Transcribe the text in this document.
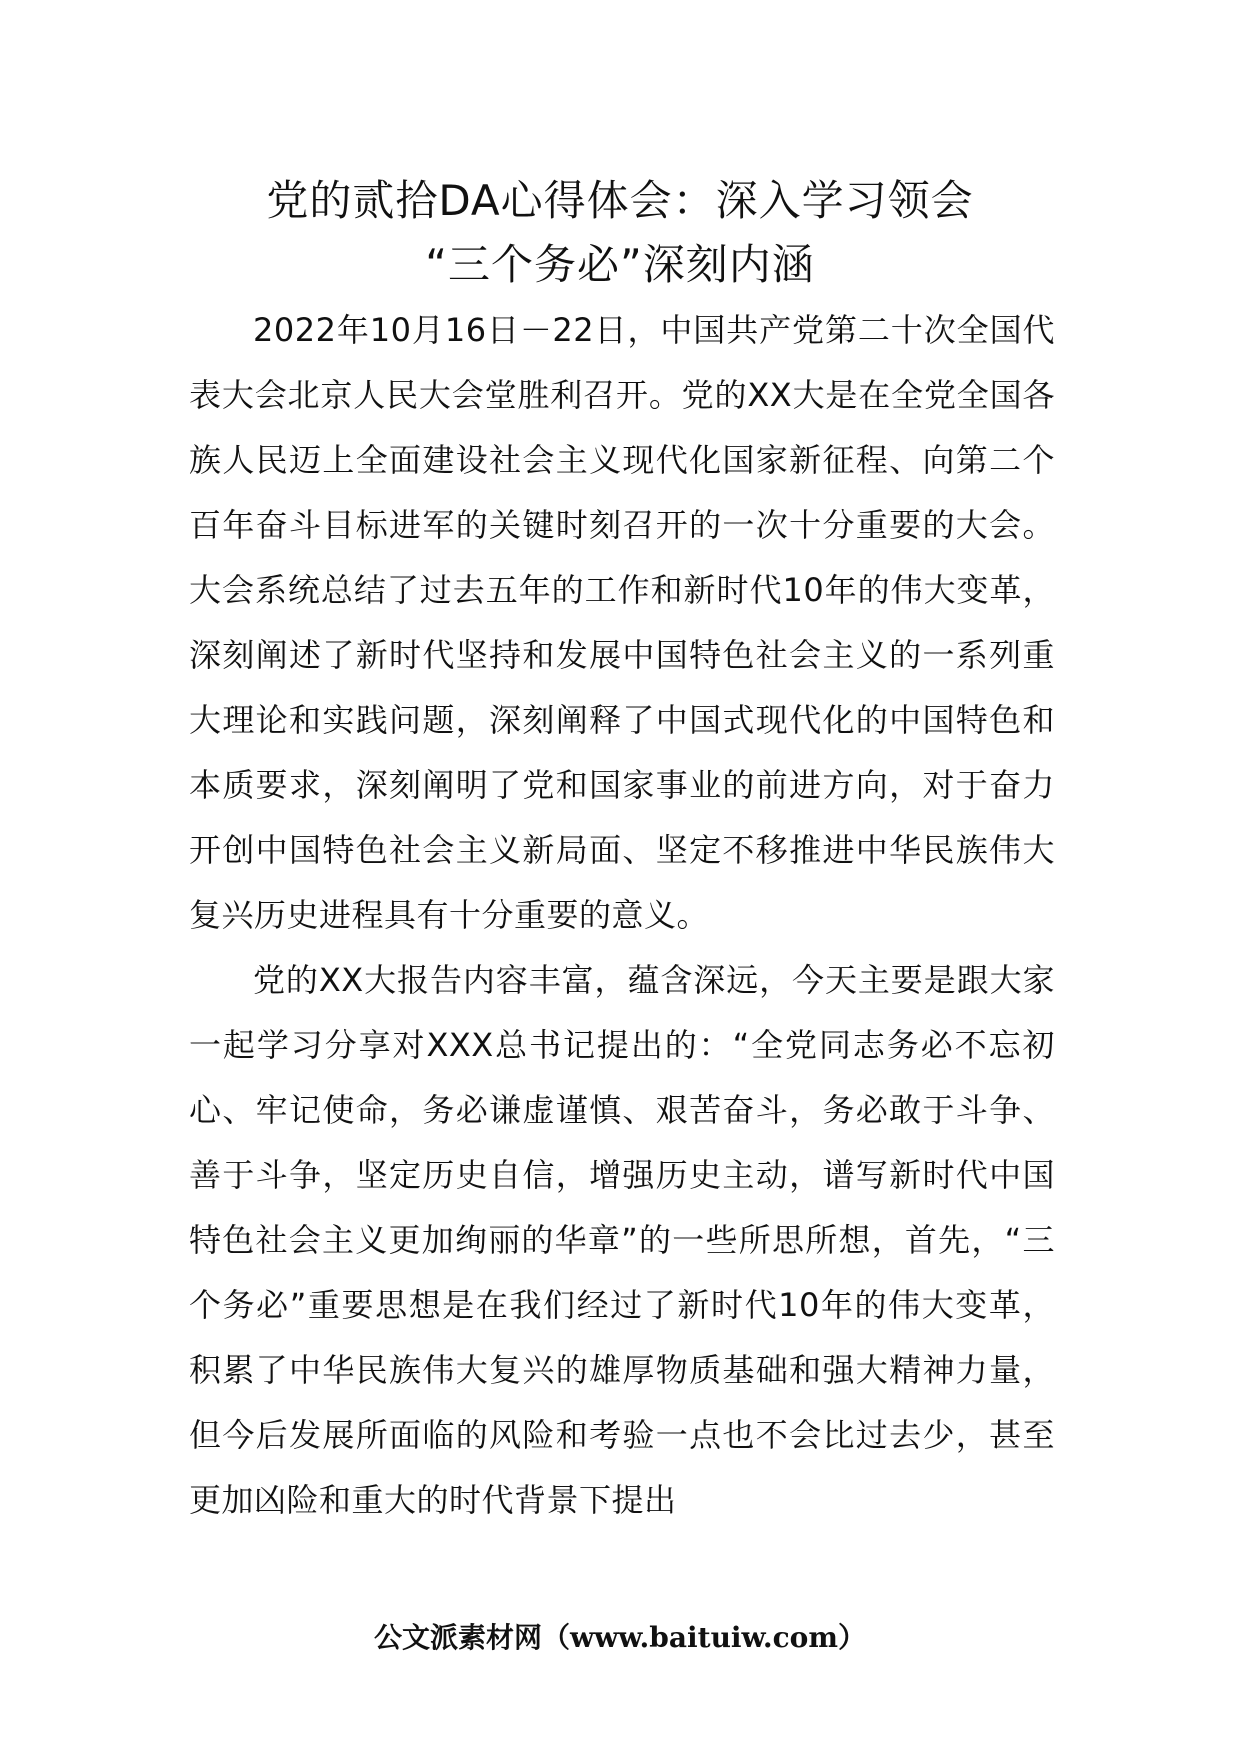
党的贰拾DA心得体会：深入学习领会
“三个务必”深刻内涵

2022年10月16日－22日，中国共产党第二十次全国代表大会北京人民大会堂胜利召开。党的XX大是在全党全国各族人民迈上全面建设社会主义现代化国家新征程、向第二个百年奋斗目标进军的关键时刻召开的一次十分重要的大会。大会系统总结了过去五年的工作和新时代10年的伟大变革，深刻阐述了新时代坚持和发展中国特色社会主义的一系列重大理论和实践问题，深刻阐释了中国式现代化的中国特色和本质要求，深刻阐明了党和国家事业的前进方向，对于奋力开创中国特色社会主义新局面、坚定不移推进中华民族伟大复兴历史进程具有十分重要的意义。

党的XX大报告内容丰富，蕴含深远，今天主要是跟大家一起学习分享对XXX总书记提出的：“全党同志务必不忘初心、牢记使命，务必谦虚谨慎、艰苦奋斗，务必敢于斗争、善于斗争，坚定历史自信，增强历史主动，谱写新时代中国特色社会主义更加绚丽的华章”的一些所思所想，首先，“三个务必”重要思想是在我们经过了新时代10年的伟大变革，积累了中华民族伟大复兴的雄厚物质基础和强大精神力量，但今后发展所面临的风险和考验一点也不会比过去少，甚至更加凶险和重大的时代背景下提出

公文派素材网（www.baituiw.com）
